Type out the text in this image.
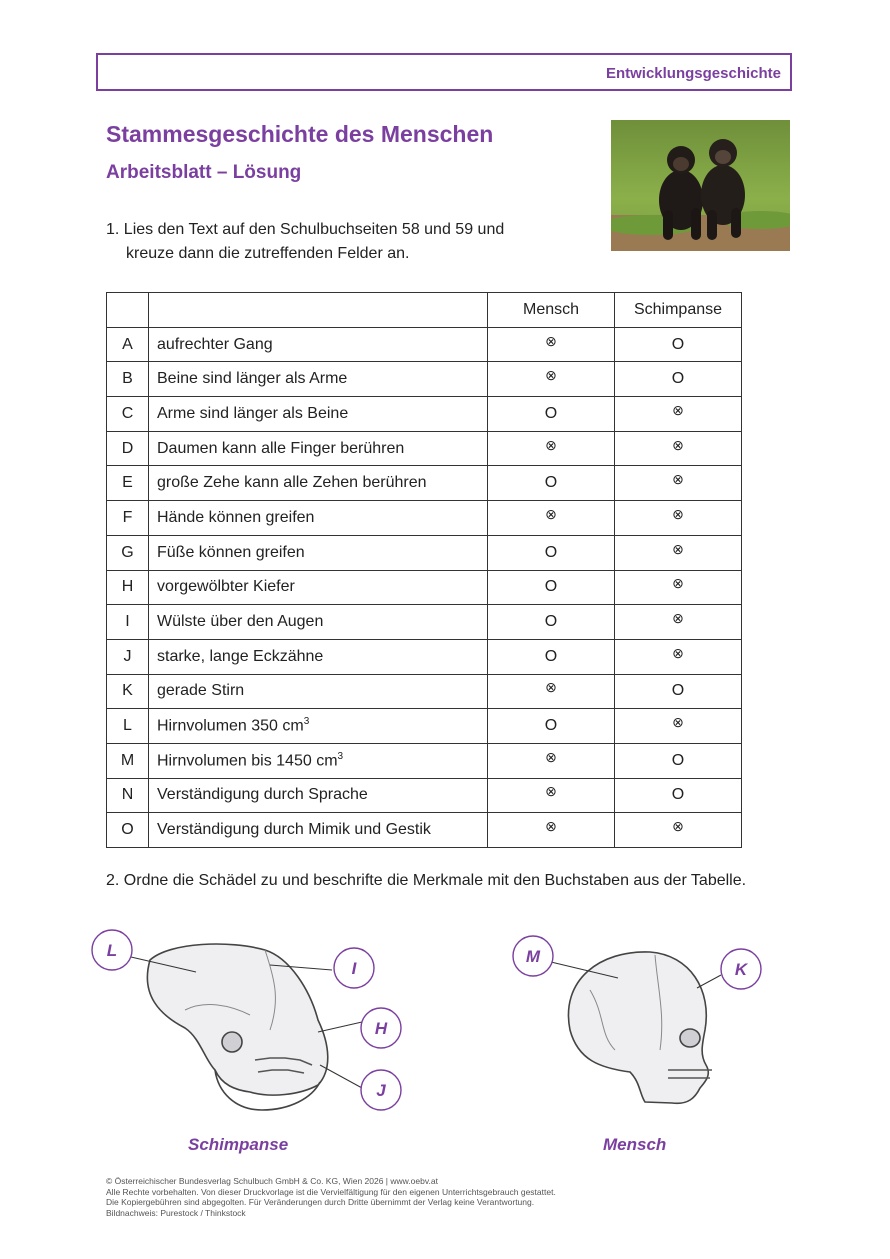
Entwicklungsgeschichte
Stammesgeschichte des Menschen
Arbeitsblatt – Lösung
1. Lies den Text auf den Schulbuchseiten 58 und 59 und
kreuze dann die zutreffenden Felder an.
		Mensch	Schimpanse
A	aufrechter Gang	⊗	O
B	Beine sind länger als Arme	⊗	O
C	Arme sind länger als Beine	O	⊗
D	Daumen kann alle Finger berühren	⊗	⊗
E	große Zehe kann alle Zehen berühren	O	⊗
F	Hände können greifen	⊗	⊗
G	Füße können greifen	O	⊗
H	vorgewölbter Kiefer	O	⊗
I	Wülste über den Augen	O	⊗
J	starke, lange Eckzähne	O	⊗
K	gerade Stirn	⊗	O
L	Hirnvolumen 350 $cm^3$	O	⊗
M	Hirnvolumen bis 1450 $cm^3$	⊗	O
N	Verständigung durch Sprache	⊗	O
O	Verständigung durch Mimik und Gestik	⊗	⊗
2. Ordne die Schädel zu und beschrifte die Merkmale mit den Buchstaben aus der Tabelle.
L
I
H
J
M
K
Schimpanse	Mensch
© Österreichischer Bundesverlag Schulbuch GmbH & Co. KG, Wien 2026 | www.oebv.at
Alle Rechte vorbehalten. Von dieser Druckvorlage ist die Vervielfältigung für den eigenen Unterrichtsgebrauch gestattet.
Die Kopiergebühren sind abgegolten. Für Veränderungen durch Dritte übernimmt der Verlag keine Verantwortung.
Bildnachweis: Purestock / Thinkstock
